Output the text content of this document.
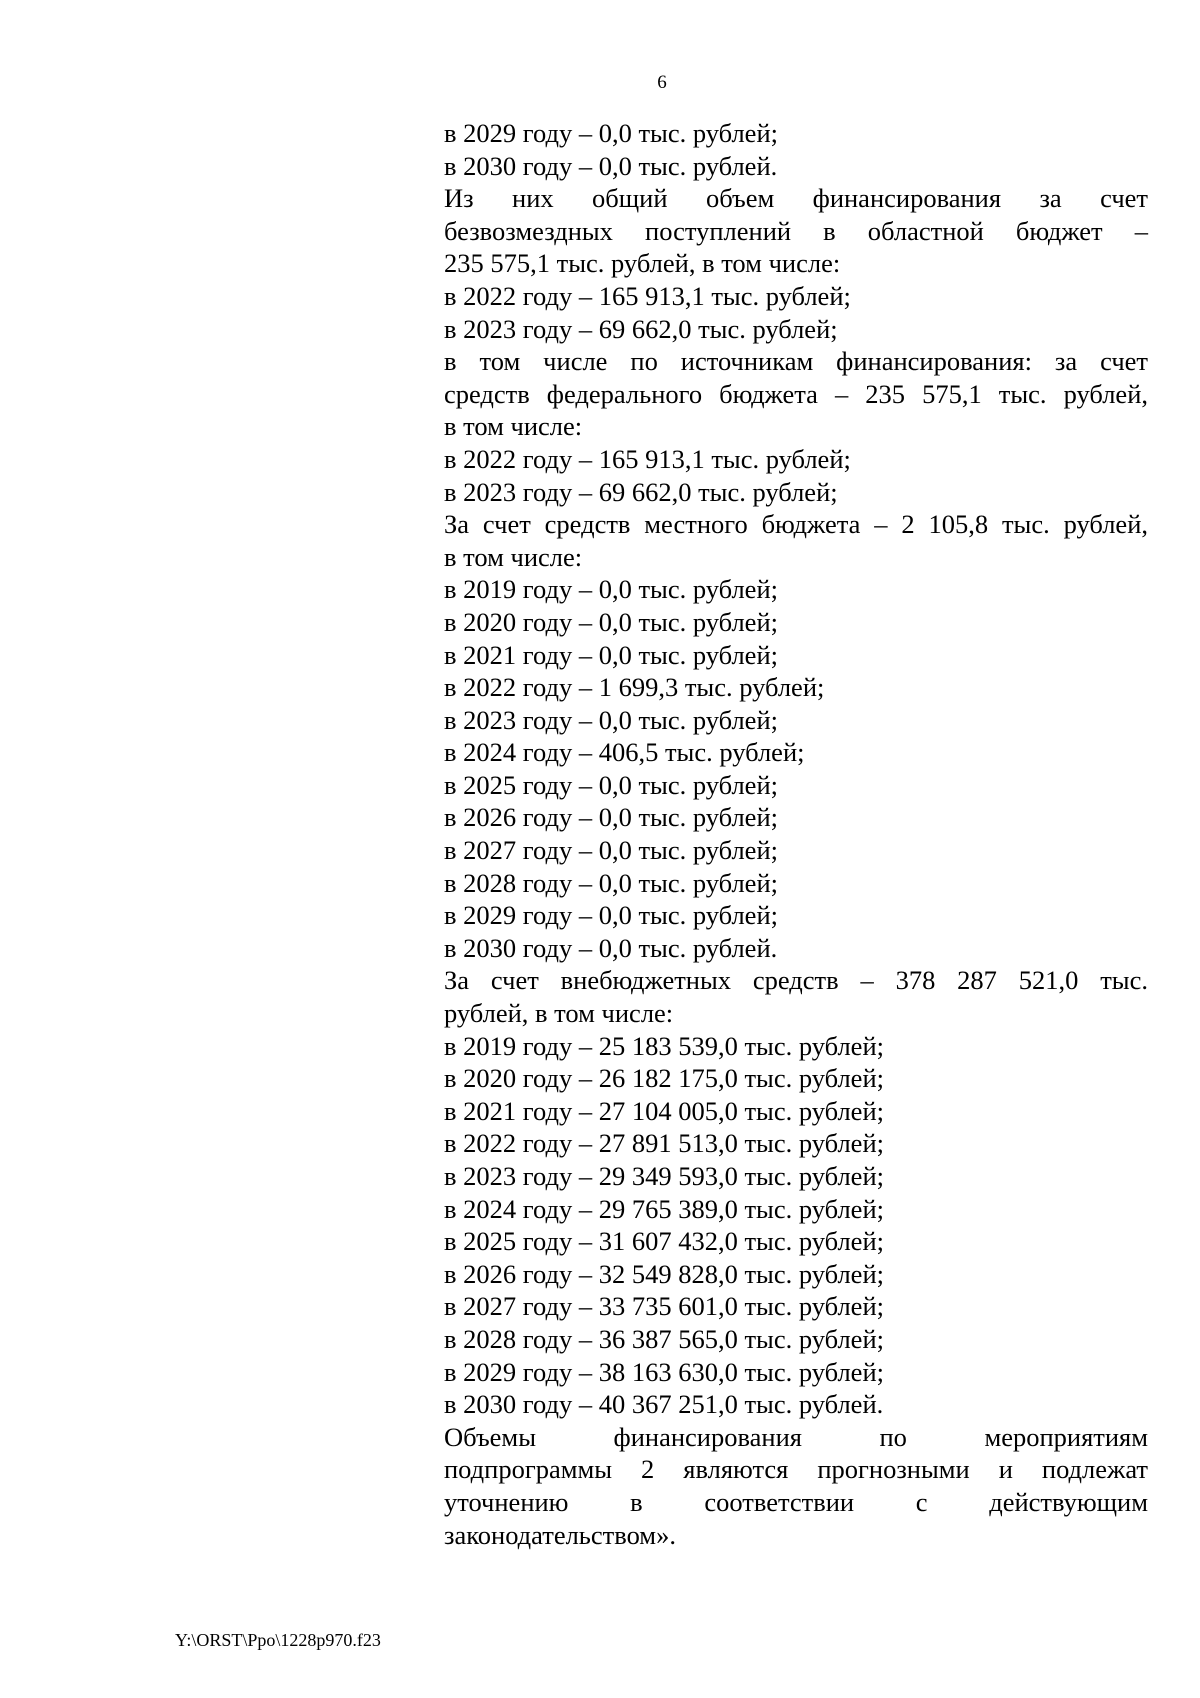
6
в 2029 году – 0,0 тыс. рублей;
в 2030 году – 0,0 тыс. рублей.
Из них общий объем финансирования за счет
безвозмездных поступлений в областной бюджет –
235 575,1 тыс. рублей, в том числе:
в 2022 году – 165 913,1 тыс. рублей;
в 2023 году – 69 662,0 тыс. рублей;
в том числе по источникам финансирования: за счет
средств федерального бюджета – 235 575,1 тыс. рублей,
в том числе:
в 2022 году – 165 913,1 тыс. рублей;
в 2023 году – 69 662,0 тыс. рублей;
За счет средств местного бюджета – 2 105,8 тыс. рублей,
в том числе:
в 2019 году – 0,0 тыс. рублей;
в 2020 году – 0,0 тыс. рублей;
в 2021 году – 0,0 тыс. рублей;
в 2022 году – 1 699,3 тыс. рублей;
в 2023 году – 0,0 тыс. рублей;
в 2024 году – 406,5 тыс. рублей;
в 2025 году – 0,0 тыс. рублей;
в 2026 году – 0,0 тыс. рублей;
в 2027 году – 0,0 тыс. рублей;
в 2028 году – 0,0 тыс. рублей;
в 2029 году – 0,0 тыс. рублей;
в 2030 году – 0,0 тыс. рублей.
За счет внебюджетных средств – 378 287 521,0 тыс.
рублей, в том числе:
в 2019 году – 25 183 539,0 тыс. рублей;
в 2020 году – 26 182 175,0 тыс. рублей;
в 2021 году – 27 104 005,0 тыс. рублей;
в 2022 году – 27 891 513,0 тыс. рублей;
в 2023 году – 29 349 593,0 тыс. рублей;
в 2024 году – 29 765 389,0 тыс. рублей;
в 2025 году – 31 607 432,0 тыс. рублей;
в 2026 году – 32 549 828,0 тыс. рублей;
в 2027 году – 33 735 601,0 тыс. рублей;
в 2028 году – 36 387 565,0 тыс. рублей;
в 2029 году – 38 163 630,0 тыс. рублей;
в 2030 году – 40 367 251,0 тыс. рублей.
Объемы финансирования по мероприятиям
подпрограммы 2 являются прогнозными и подлежат
уточнению в соответствии с действующим
законодательством».
Y:\ORST\Ppo\1228p970.f23
